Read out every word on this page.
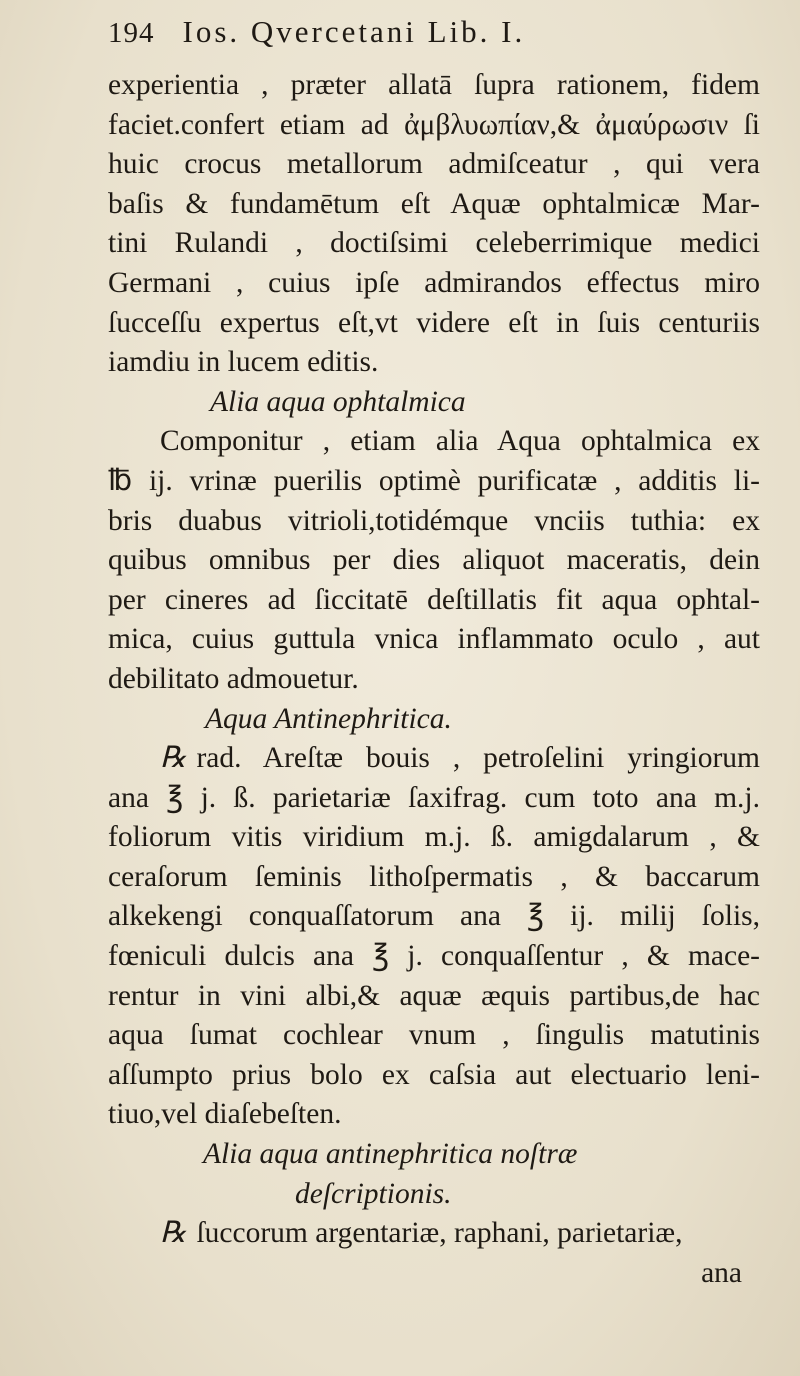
194 Ios. Qvercetani Lib. I.
experientia , præter allatā ſupra rationem, fidem
faciet.confert etiam ad ἀμβλυωπίαν,& ἀμαύρωσιν ſi
huic crocus metallorum admiſceatur , qui vera
baſis & fundamētum eſt Aquæ ophtalmicæ Mar-
tini Rulandi , doctiſsimi celeberrimique medici
Germani , cuius ipſe admirandos effectus miro
ſucceſſu expertus eſt,vt videre eſt in ſuis centuriis
iamdiu in lucem editis.
Alia aqua ophtalmica
Componitur , etiam alia Aqua ophtalmica ex
℔ ij. vrinæ puerilis optimè purificatæ , additis li-
bris duabus vitrioli,totidémque vnciis tuthia: ex
quibus omnibus per dies aliquot maceratis, dein
per cineres ad ſiccitatē deſtillatis fit aqua ophtal-
mica, cuius guttula vnica inflammato oculo , aut
debilitato admouetur.
Aqua Antinephritica.
℞ rad. Areſtæ bouis , petroſelini yringiorum
ana ℥ j. ß. parietariæ ſaxifrag. cum toto ana m.j.
foliorum vitis viridium m.j. ß. amigdalarum , &
ceraſorum ſeminis lithoſpermatis , & baccarum
alkekengi conquaſſatorum ana ℥ ij. milij ſolis,
fœniculi dulcis ana ℥ j. conquaſſentur , & mace-
rentur in vini albi,& aquæ æquis partibus,de hac
aqua ſumat cochlear vnum , ſingulis matutinis
aſſumpto prius bolo ex caſsia aut electuario leni-
tiuo,vel diaſebeſten.
Alia aqua antinephritica noſtræ
deſcriptionis.
℞ ſuccorum argentariæ, raphani, parietariæ,
ana
